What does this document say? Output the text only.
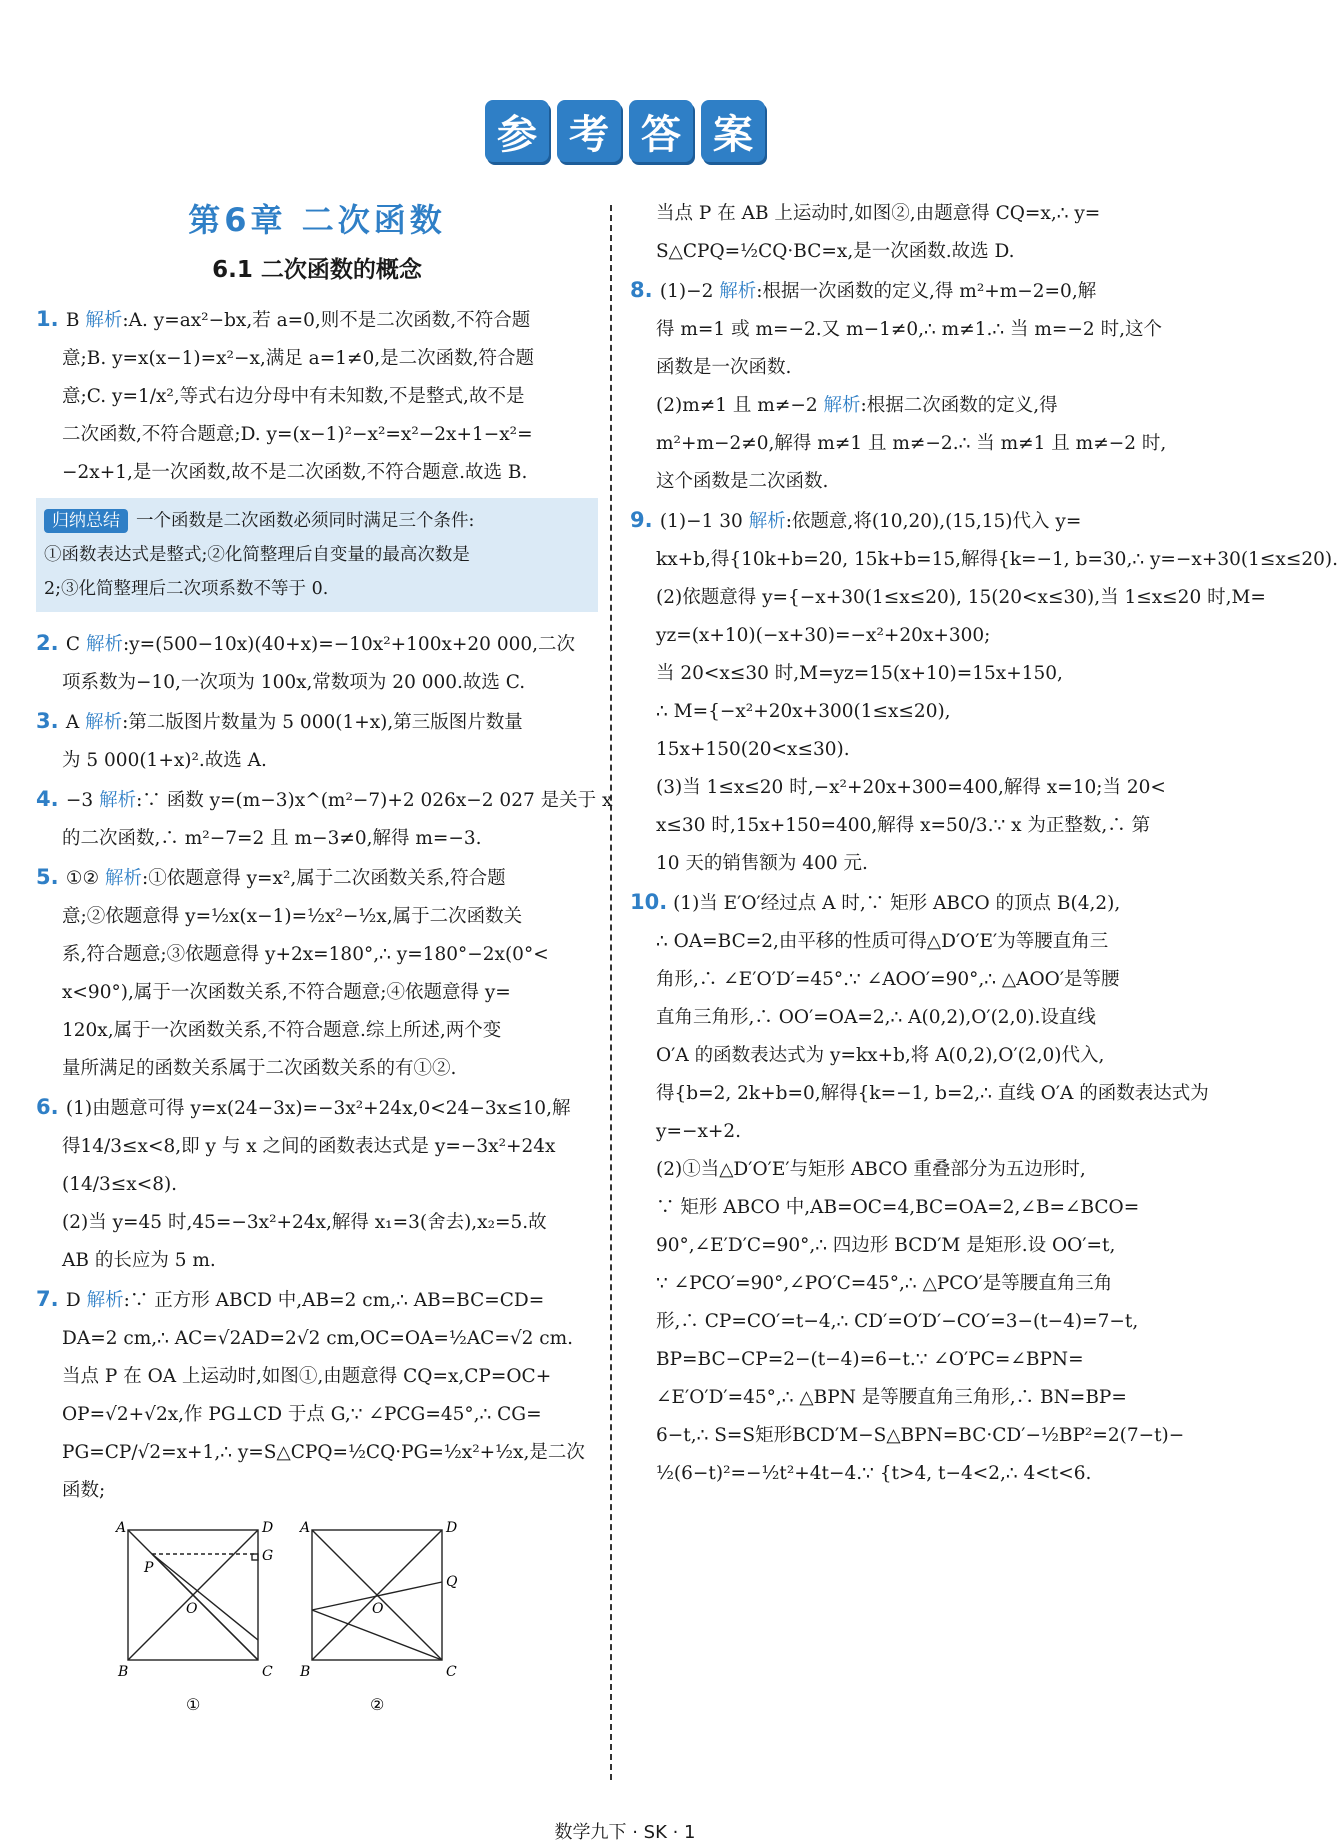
参 考 答 案
第6章 二次函数
6.1 二次函数的概念
1. B 解析:A. y=ax²−bx,若 a=0,则不是二次函数,不符合题
意;B. y=x(x−1)=x²−x,满足 a=1≠0,是二次函数,符合题
意;C. y=1/x²,等式右边分母中有未知数,不是整式,故不是
二次函数,不符合题意;D. y=(x−1)²−x²=x²−2x+1−x²=
−2x+1,是一次函数,故不是二次函数,不符合题意.故选 B.
归纳总结 一个函数是二次函数必须同时满足三个条件:
①函数表达式是整式;②化简整理后自变量的最高次数是
2;③化简整理后二次项系数不等于 0.
2. C 解析:y=(500−10x)(40+x)=−10x²+100x+20 000,二次
项系数为−10,一次项为 100x,常数项为 20 000.故选 C.
3. A 解析:第二版图片数量为 5 000(1+x),第三版图片数量
为 5 000(1+x)².故选 A.
4. −3 解析:∵ 函数 y=(m−3)x^(m²−7)+2 026x−2 027 是关于 x
的二次函数,∴ m²−7=2 且 m−3≠0,解得 m=−3.
5. ①② 解析:①依题意得 y=x²,属于二次函数关系,符合题
意;②依题意得 y=½x(x−1)=½x²−½x,属于二次函数关
系,符合题意;③依题意得 y+2x=180°,∴ y=180°−2x(0°<
x<90°),属于一次函数关系,不符合题意;④依题意得 y=
120x,属于一次函数关系,不符合题意.综上所述,两个变
量所满足的函数关系属于二次函数关系的有①②.
6. (1)由题意可得 y=x(24−3x)=−3x²+24x,0<24−3x≤10,解
得14/3≤x<8,即 y 与 x 之间的函数表达式是 y=−3x²+24x
(14/3≤x<8).
(2)当 y=45 时,45=−3x²+24x,解得 x₁=3(舍去),x₂=5.故
AB 的长应为 5 m.
7. D 解析:∵ 正方形 ABCD 中,AB=2 cm,∴ AB=BC=CD=
DA=2 cm,∴ AC=√2AD=2√2 cm,OC=OA=½AC=√2 cm.
当点 P 在 OA 上运动时,如图①,由题意得 CQ=x,CP=OC+
OP=√2+√2x,作 PG⊥CD 于点 G,∵ ∠PCG=45°,∴ CG=
PG=CP/√2=x+1,∴ y=S△CPQ=½CQ·PG=½x²+½x,是二次
函数;
A	D
B	C
G
P
O
①
A	D
B	C
Q
O
②
当点 P 在 AB 上运动时,如图②,由题意得 CQ=x,∴ y=
S△CPQ=½CQ·BC=x,是一次函数.故选 D.
8. (1)−2 解析:根据一次函数的定义,得 m²+m−2=0,解
得 m=1 或 m=−2.又 m−1≠0,∴ m≠1.∴ 当 m=−2 时,这个
函数是一次函数.
(2)m≠1 且 m≠−2 解析:根据二次函数的定义,得
m²+m−2≠0,解得 m≠1 且 m≠−2.∴ 当 m≠1 且 m≠−2 时,
这个函数是二次函数.
9. (1)−1 30 解析:依题意,将(10,20),(15,15)代入 y=
kx+b,得{10k+b=20, 15k+b=15,解得{k=−1, b=30,∴ y=−x+30(1≤x≤20).
(2)依题意得 y={−x+30(1≤x≤20), 15(20<x≤30),当 1≤x≤20 时,M=
yz=(x+10)(−x+30)=−x²+20x+300;
当 20<x≤30 时,M=yz=15(x+10)=15x+150,
∴ M={−x²+20x+300(1≤x≤20),
15x+150(20<x≤30).
(3)当 1≤x≤20 时,−x²+20x+300=400,解得 x=10;当 20<
x≤30 时,15x+150=400,解得 x=50/3.∵ x 为正整数,∴ 第
10 天的销售额为 400 元.
10. (1)当 E′O′经过点 A 时,∵ 矩形 ABCO 的顶点 B(4,2),
∴ OA=BC=2,由平移的性质可得△D′O′E′为等腰直角三
角形,∴ ∠E′O′D′=45°.∵ ∠AOO′=90°,∴ △AOO′是等腰
直角三角形,∴ OO′=OA=2,∴ A(0,2),O′(2,0).设直线
O′A 的函数表达式为 y=kx+b,将 A(0,2),O′(2,0)代入,
得{b=2, 2k+b=0,解得{k=−1, b=2,∴ 直线 O′A 的函数表达式为
y=−x+2.
(2)①当△D′O′E′与矩形 ABCO 重叠部分为五边形时,
∵ 矩形 ABCO 中,AB=OC=4,BC=OA=2,∠B=∠BCO=
90°,∠E′D′C=90°,∴ 四边形 BCD′M 是矩形.设 OO′=t,
∵ ∠PCO′=90°,∠PO′C=45°,∴ △PCO′是等腰直角三角
形,∴ CP=CO′=t−4,∴ CD′=O′D′−CO′=3−(t−4)=7−t,
BP=BC−CP=2−(t−4)=6−t.∵ ∠O′PC=∠BPN=
∠E′O′D′=45°,∴ △BPN 是等腰直角三角形,∴ BN=BP=
6−t,∴ S=S矩形BCD′M−S△BPN=BC·CD′−½BP²=2(7−t)−
½(6−t)²=−½t²+4t−4.∵ {t>4, t−4<2,∴ 4<t<6.
数学九下 · SK · 1
